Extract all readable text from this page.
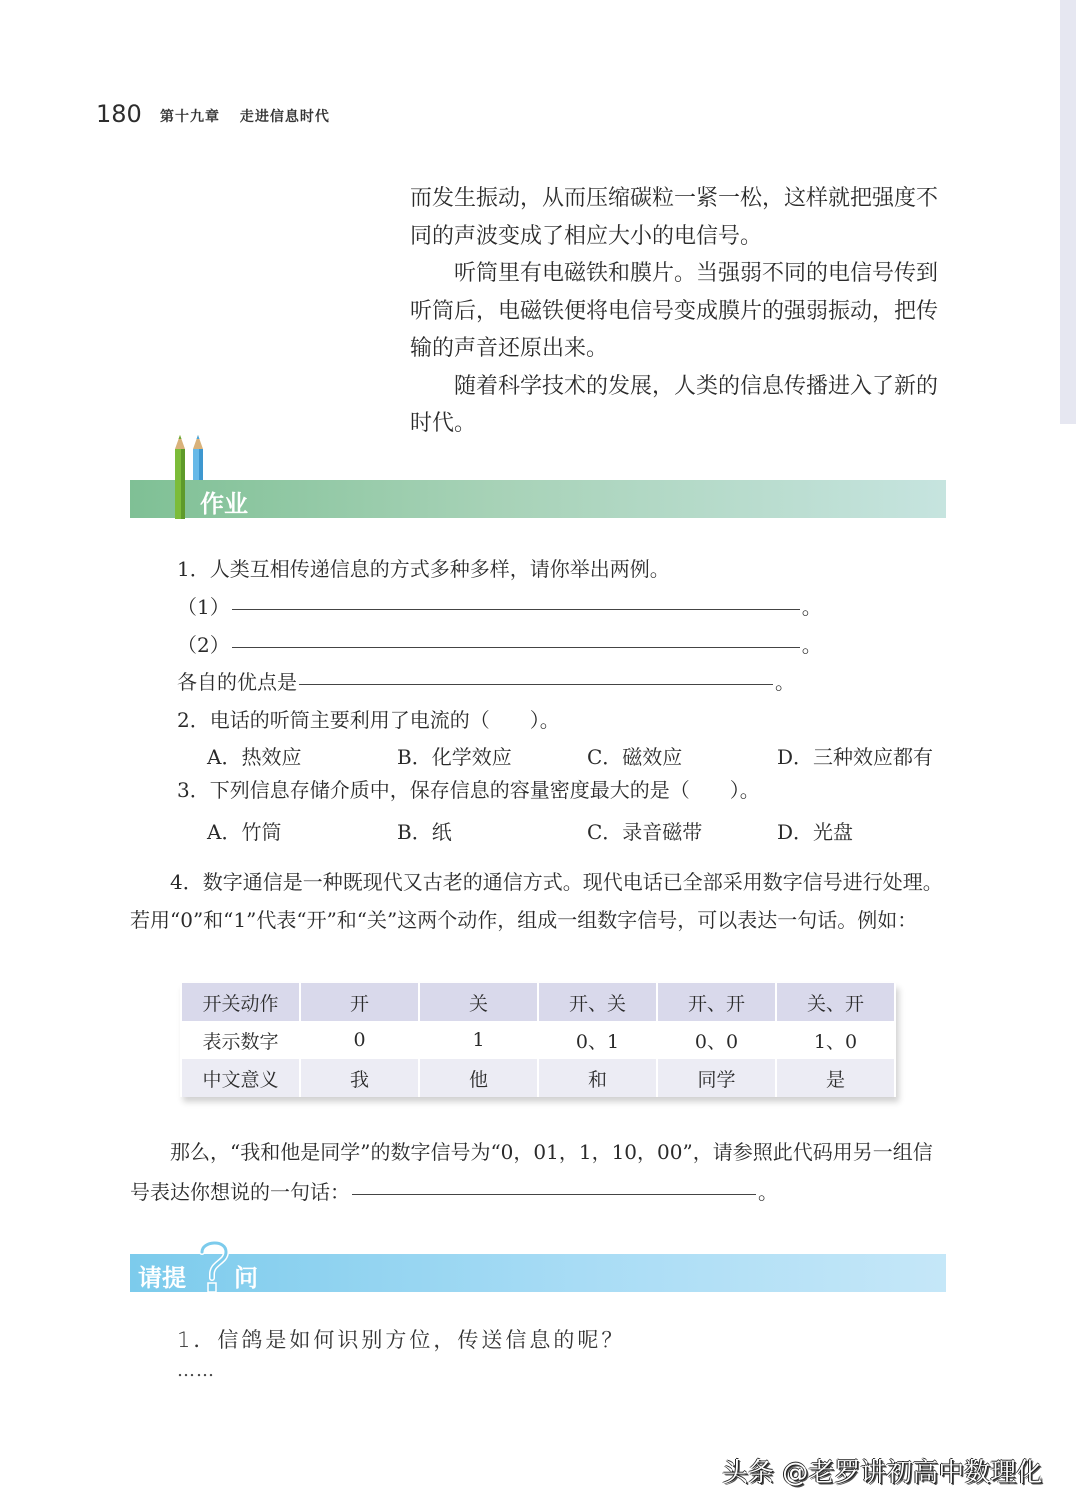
180 第十九章 走进信息时代

而发生振动，从而压缩碳粒一紧一松，这样就把强度不同的声波变成了相应大小的电信号。

听筒里有电磁铁和膜片。当强弱不同的电信号传到听筒后，电磁铁便将电信号变成膜片的强弱振动，把传输的声音还原出来。

随着科学技术的发展，人类的信息传播进入了新的时代。

作业
1．人类互相传递信息的方式多种多样，请你举出两例。
（1）	。
（2）	。
各自的优点是	。
2．电话的听筒主要利用了电流的（　　）。
A．热效应	B．化学效应	C．磁效应	D．三种效应都有
3．下列信息存储介质中，保存信息的容量密度最大的是（　　）。
A．竹筒	B．纸	C．录音磁带	D．光盘

4．数字通信是一种既现代又古老的通信方式。现代电话已全部采用数字信号进行处理。若用“0”和“1”代表“开”和“关”这两个动作，组成一组数字信号，可以表达一句话。例如：

开关动作	开	关	开、关	开、开	关、开
表示数字	0	1	0、1	0、0	1、0
中文意义	我	他	和	同学	是

那么，“我和他是同学”的数字信号为“0，01，1，10，00”，请参照此代码用另一组信号表达你想说的一句话：	。

请提 问
1．信鸽是如何识别方位，传送信息的呢？
……
头条 @老罗讲初高中数理化
